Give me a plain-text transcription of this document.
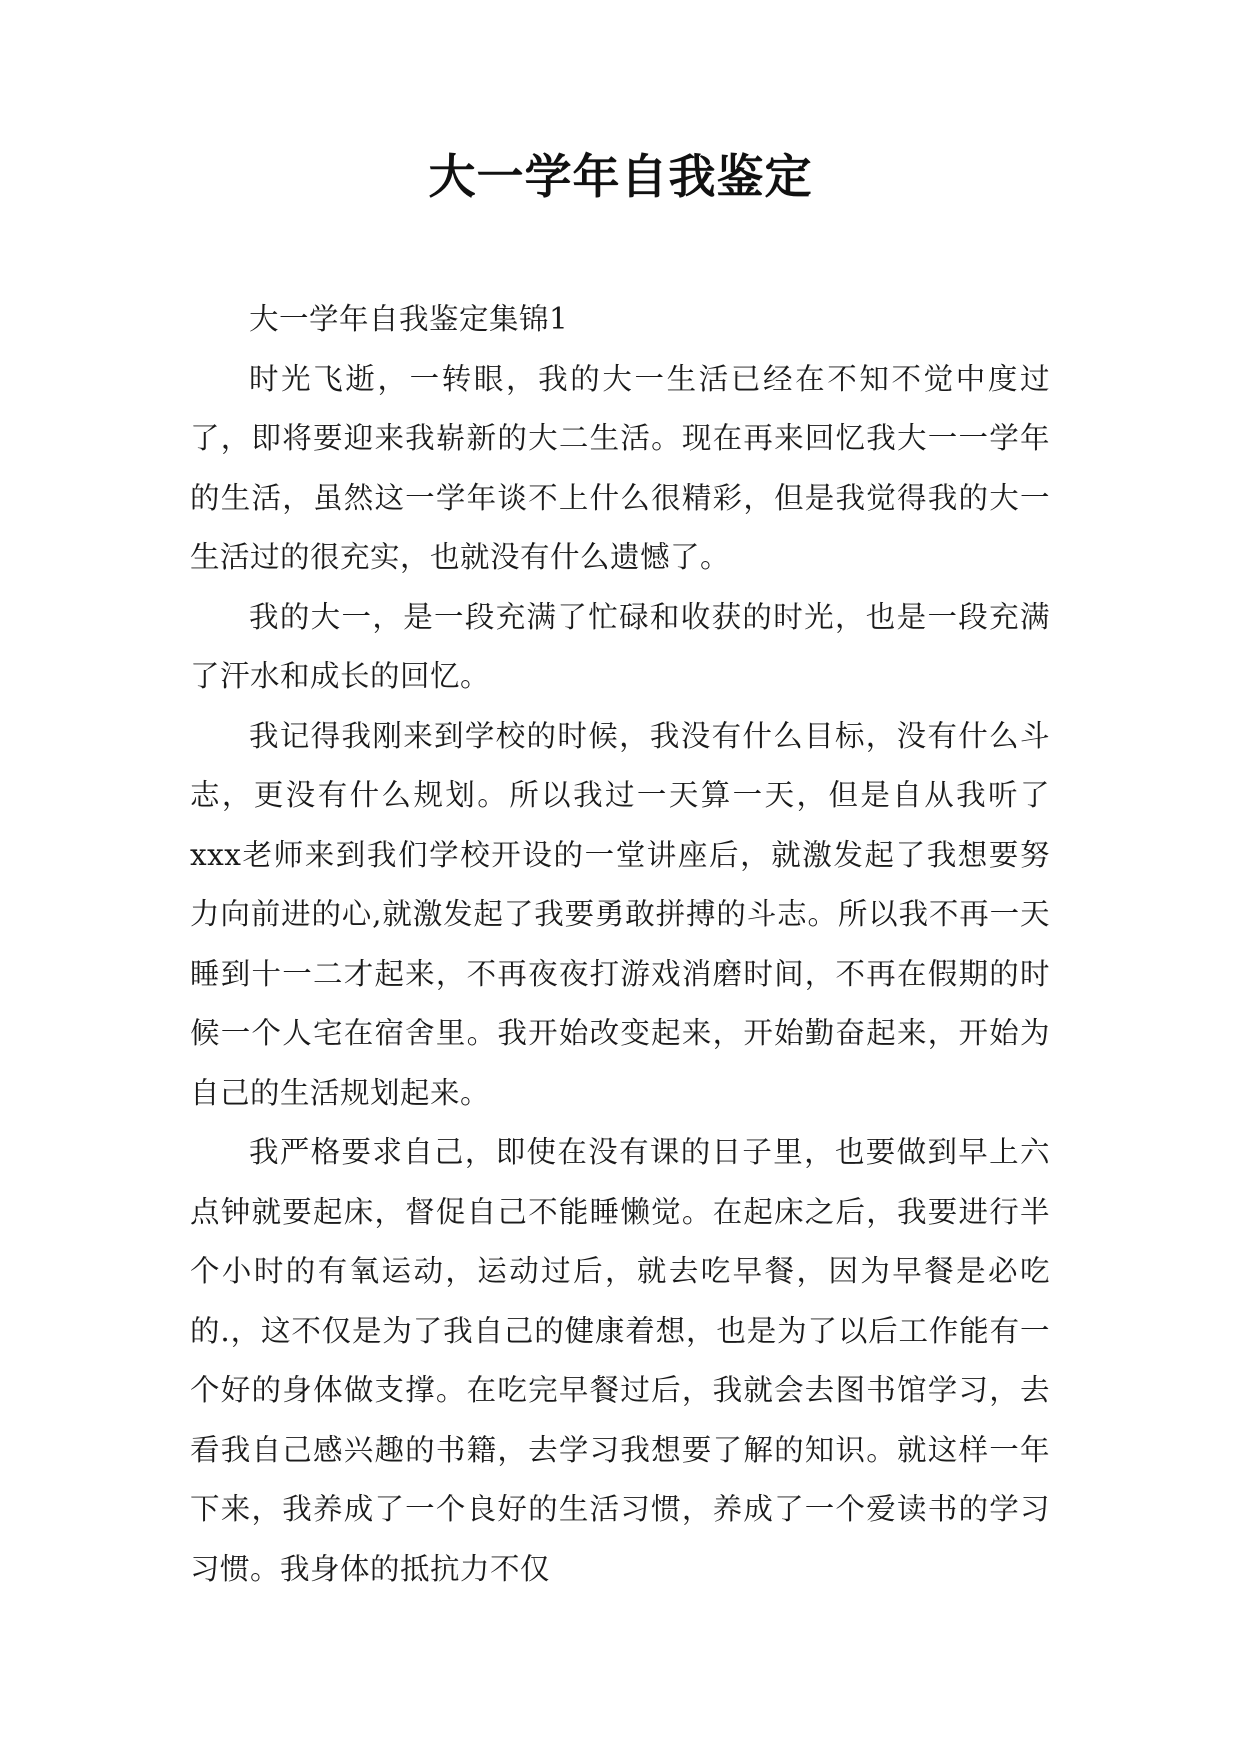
大一学年自我鉴定

大一学年自我鉴定集锦1

时光飞逝，一转眼，我的大一生活已经在不知不觉中度过了，即将要迎来我崭新的大二生活。现在再来回忆我大一一学年的生活，虽然这一学年谈不上什么很精彩，但是我觉得我的大一生活过的很充实，也就没有什么遗憾了。

我的大一，是一段充满了忙碌和收获的时光，也是一段充满了汗水和成长的回忆。

我记得我刚来到学校的时候，我没有什么目标，没有什么斗志，更没有什么规划。所以我过一天算一天，但是自从我听了xxx老师来到我们学校开设的一堂讲座后，就激发起了我想要努力向前进的心,就激发起了我要勇敢拼搏的斗志。所以我不再一天睡到十一二才起来，不再夜夜打游戏消磨时间，不再在假期的时候一个人宅在宿舍里。我开始改变起来，开始勤奋起来，开始为自己的生活规划起来。

我严格要求自己，即使在没有课的日子里，也要做到早上六点钟就要起床，督促自己不能睡懒觉。在起床之后，我要进行半个小时的有氧运动，运动过后，就去吃早餐，因为早餐是必吃的.，这不仅是为了我自己的健康着想，也是为了以后工作能有一个好的身体做支撑。在吃完早餐过后，我就会去图书馆学习，去看我自己感兴趣的书籍，去学习我想要了解的知识。就这样一年下来，我养成了一个良好的生活习惯，养成了一个爱读书的学习习惯。我身体的抵抗力不仅
